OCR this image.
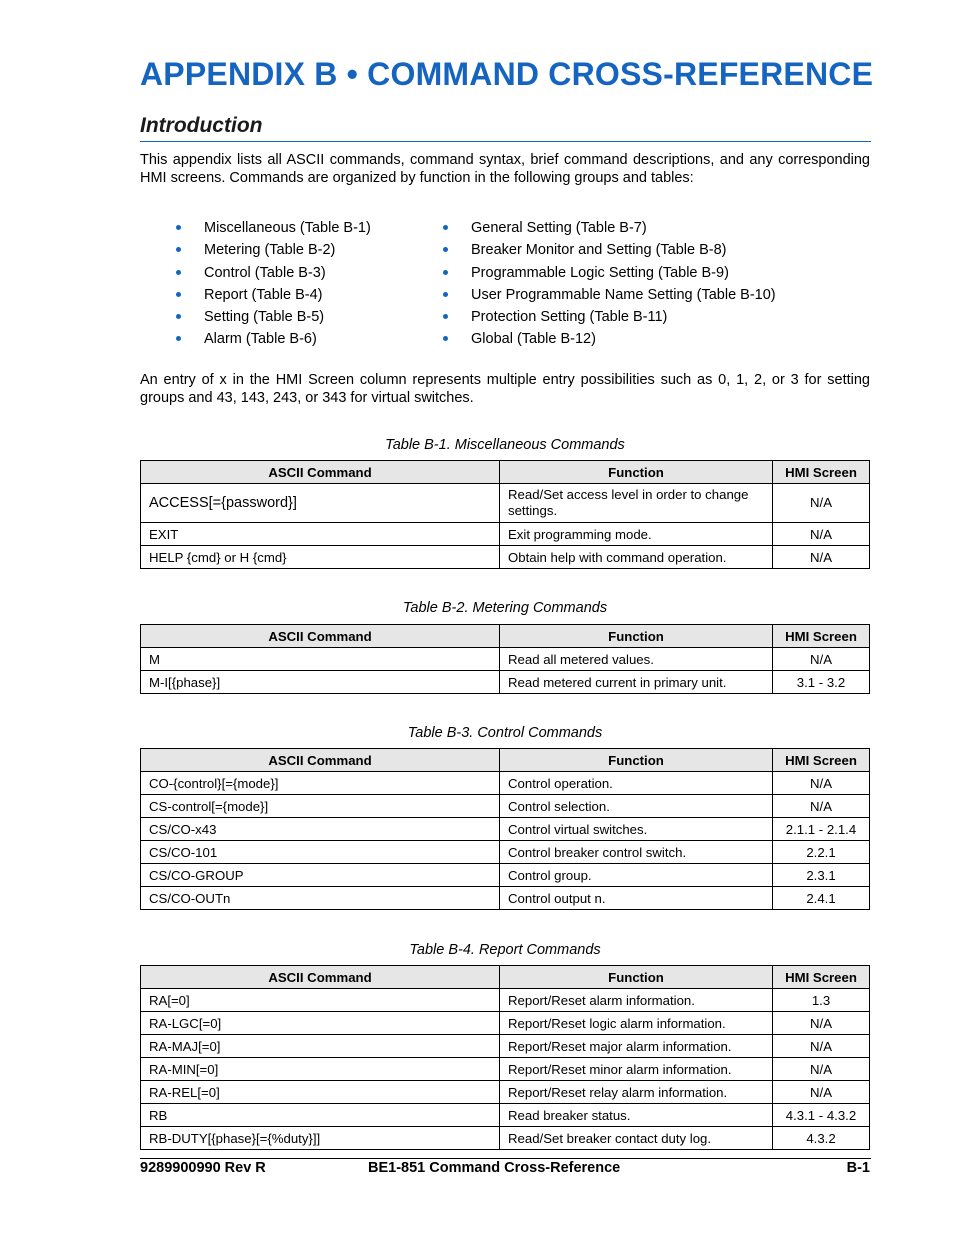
APPENDIX B • COMMAND CROSS-REFERENCE
Introduction

This appendix lists all ASCII commands, command syntax, brief command descriptions, and any corresponding HMI screens. Commands are organized by function in the following groups and tables:

Miscellaneous (Table B-1)
Metering (Table B-2)
Control (Table B-3)
Report (Table B-4)
Setting (Table B-5)
Alarm (Table B-6)
General Setting (Table B-7)
Breaker Monitor and Setting (Table B-8)
Programmable Logic Setting (Table B-9)
User Programmable Name Setting (Table B-10)
Protection Setting (Table B-11)
Global (Table B-12)

An entry of x in the HMI Screen column represents multiple entry possibilities such as 0, 1, 2, or 3 for setting groups and 43, 143, 243, or 343 for virtual switches.

Table B-1. Miscellaneous Commands
ASCII Command	Function	HMI Screen
ACCESS[={password}]	Read/Set access level in order to change settings.	N/A
EXIT	Exit programming mode.	N/A
HELP {cmd} or H {cmd}	Obtain help with command operation.	N/A
Table B-2. Metering Commands
ASCII Command	Function	HMI Screen
M	Read all metered values.	N/A
M-I[{phase}]	Read metered current in primary unit.	3.1 - 3.2
Table B-3. Control Commands
ASCII Command	Function	HMI Screen
CO-{control}[={mode}]	Control operation.	N/A
CS-control[={mode}]	Control selection.	N/A
CS/CO-x43	Control virtual switches.	2.1.1 - 2.1.4
CS/CO-101	Control breaker control switch.	2.2.1
CS/CO-GROUP	Control group.	2.3.1
CS/CO-OUTn	Control output n.	2.4.1
Table B-4. Report Commands
ASCII Command	Function	HMI Screen
RA[=0]	Report/Reset alarm information.	1.3
RA-LGC[=0]	Report/Reset logic alarm information.	N/A
RA-MAJ[=0]	Report/Reset major alarm information.	N/A
RA-MIN[=0]	Report/Reset minor alarm information.	N/A
RA-REL[=0]	Report/Reset relay alarm information.	N/A
RB	Read breaker status.	4.3.1 - 4.3.2
RB-DUTY[{phase}[={%duty}]]	Read/Set breaker contact duty log.	4.3.2
9289900990 Rev R	BE1-851 Command Cross-Reference	B-1
